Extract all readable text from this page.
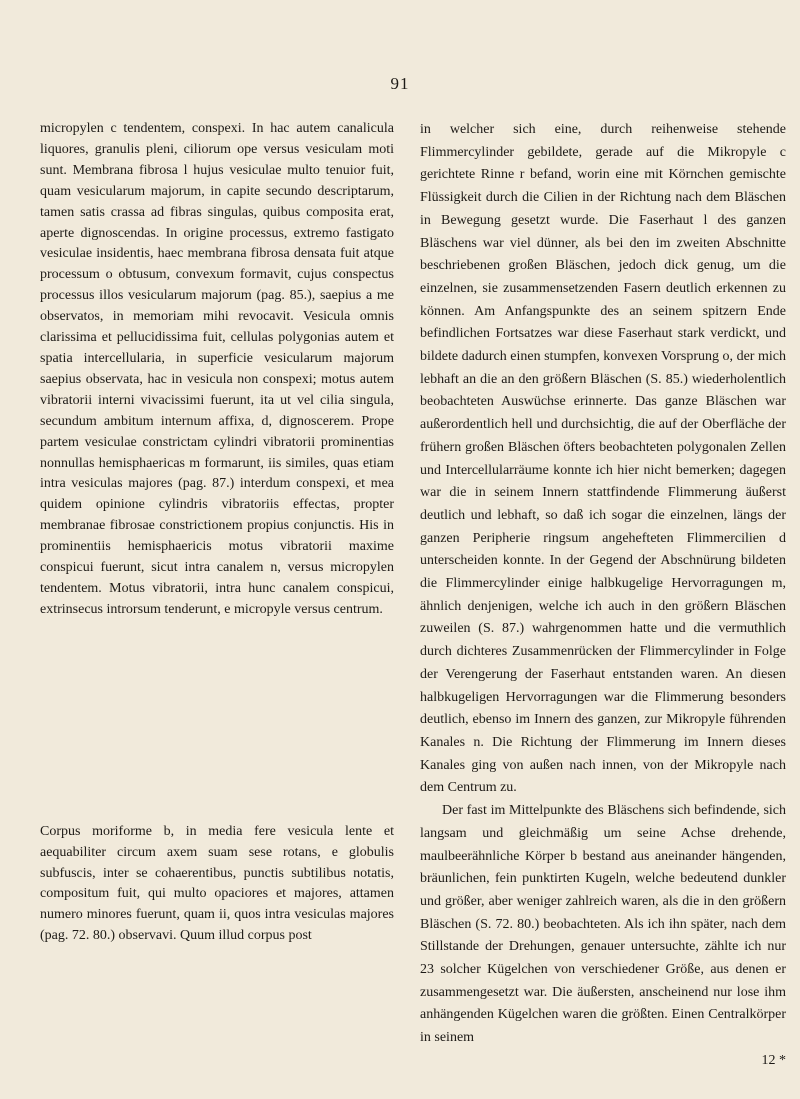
91

micropylen c tendentem, conspexi. In hac autem canalicula liquores, granulis pleni, ciliorum ope versus vesiculam moti sunt. Membrana fibrosa l hujus vesiculae multo tenuior fuit, quam vesicularum majorum, in capite secundo descriptarum, tamen satis crassa ad fibras singulas, quibus composita erat, aperte dignoscendas. In origine processus, extremo fastigato vesiculae insidentis, haec membrana fibrosa densata fuit atque processum o obtusum, convexum formavit, cujus conspectus processus illos vesicularum majorum (pag. 85.), saepius a me observatos, in memoriam mihi revocavit. Vesicula omnis clarissima et pellucidissima fuit, cellulas polygonias autem et spatia intercellularia, in superficie vesicularum majorum saepius observata, hac in vesicula non conspexi; motus autem vibratorii interni vivacissimi fuerunt, ita ut vel cilia singula, secundum ambitum internum affixa, d, dignoscerem. Prope partem vesiculae constrictam cylindri vibratorii prominentias nonnullas hemisphaericas m formarunt, iis similes, quas etiam intra vesiculas majores (pag. 87.) interdum conspexi, et mea quidem opinione cylindris vibratoriis effectas, propter membranae fibrosae constrictionem propius conjunctis. His in prominentiis hemisphaericis motus vibratorii maxime conspicui fuerunt, sicut intra canalem n, versus micropylen tendentem. Motus vibratorii, intra hunc canalem conspicui, extrinsecus introrsum tenderunt, e micropyle versus centrum.

Corpus moriforme b, in media fere vesicula lente et aequabiliter circum axem suam sese rotans, e globulis subfuscis, inter se cohaerentibus, punctis subtilibus notatis, compositum fuit, qui multo opaciores et majores, attamen numero minores fuerunt, quam ii, quos intra vesiculas majores (pag. 72. 80.) observavi. Quum illud corpus post

in welcher sich eine, durch reihenweise stehende Flimmercylinder gebildete, gerade auf die Mikropyle c gerichtete Rinne r befand, worin eine mit Körnchen gemischte Flüssigkeit durch die Cilien in der Richtung nach dem Bläschen in Bewegung gesetzt wurde. Die Faserhaut l des ganzen Bläschens war viel dünner, als bei den im zweiten Abschnitte beschriebenen großen Bläschen, jedoch dick genug, um die einzelnen, sie zusammensetzenden Fasern deutlich erkennen zu können. Am Anfangspunkte des an seinem spitzern Ende befindlichen Fortsatzes war diese Faserhaut stark verdickt, und bildete dadurch einen stumpfen, konvexen Vorsprung o, der mich lebhaft an die an den größern Bläschen (S. 85.) wiederholentlich beobachteten Auswüchse erinnerte. Das ganze Bläschen war außerordentlich hell und durchsichtig, die auf der Oberfläche der frühern großen Bläschen öfters beobachteten polygonalen Zellen und Intercellularräume konnte ich hier nicht bemerken; dagegen war die in seinem Innern stattfindende Flimmerung äußerst deutlich und lebhaft, so daß ich sogar die einzelnen, längs der ganzen Peripherie ringsum angehefteten Flimmercilien d unterscheiden konnte. In der Gegend der Abschnürung bildeten die Flimmercylinder einige halbkugelige Hervorragungen m, ähnlich denjenigen, welche ich auch in den größern Bläschen zuweilen (S. 87.) wahrgenommen hatte und die vermuthlich durch dichteres Zusammenrücken der Flimmercylinder in Folge der Verengerung der Faserhaut entstanden waren. An diesen halbkugeligen Hervorragungen war die Flimmerung besonders deutlich, ebenso im Innern des ganzen, zur Mikropyle führenden Kanales n. Die Richtung der Flimmerung im Innern dieses Kanales ging von außen nach innen, von der Mikropyle nach dem Centrum zu.

Der fast im Mittelpunkte des Bläschens sich befindende, sich langsam und gleichmäßig um seine Achse drehende, maulbeerähnliche Körper b bestand aus aneinander hängenden, bräunlichen, fein punktirten Kugeln, welche bedeutend dunkler und größer, aber weniger zahlreich waren, als die in den größern Bläschen (S. 72. 80.) beobachteten. Als ich ihn später, nach dem Stillstande der Drehungen, genauer untersuchte, zählte ich nur 23 solcher Kügelchen von verschiedener Größe, aus denen er zusammengesetzt war. Die äußersten, anscheinend nur lose ihm anhängenden Kügelchen waren die größten. Einen Centralkörper in seinem

12 *
